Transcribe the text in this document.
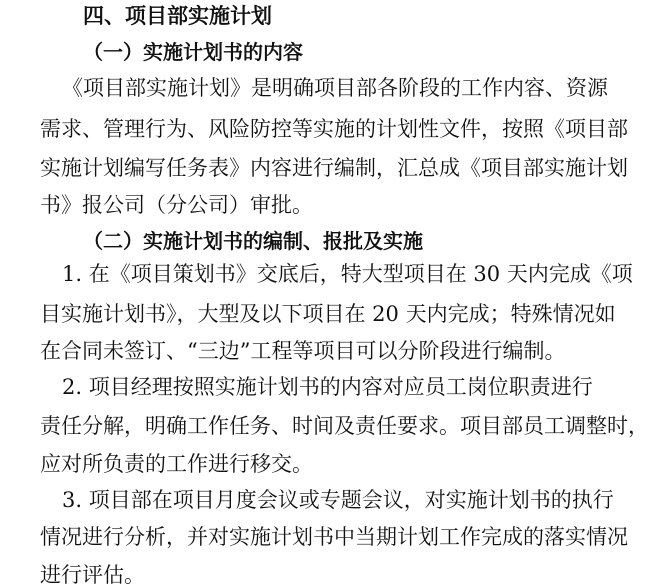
四、项目部实施计划
（一）实施计划书的内容
《项目部实施计划》是明确项目部各阶段的工作内容、资源
需求、管理行为、风险防控等实施的计划性文件，按照《项目部
实施计划编写任务表》内容进行编制，汇总成《项目部实施计划
书》报公司（分公司）审批。
（二）实施计划书的编制、报批及实施
1. 在《项目策划书》交底后，特大型项目在 30 天内完成《项
目实施计划书》，大型及以下项目在 20 天内完成；特殊情况如
在合同未签订、“三边”工程等项目可以分阶段进行编制。
2. 项目经理按照实施计划书的内容对应员工岗位职责进行
责任分解，明确工作任务、时间及责任要求。项目部员工调整时，
应对所负责的工作进行移交。
3. 项目部在项目月度会议或专题会议，对实施计划书的执行
情况进行分析，并对实施计划书中当期计划工作完成的落实情况
进行评估。
